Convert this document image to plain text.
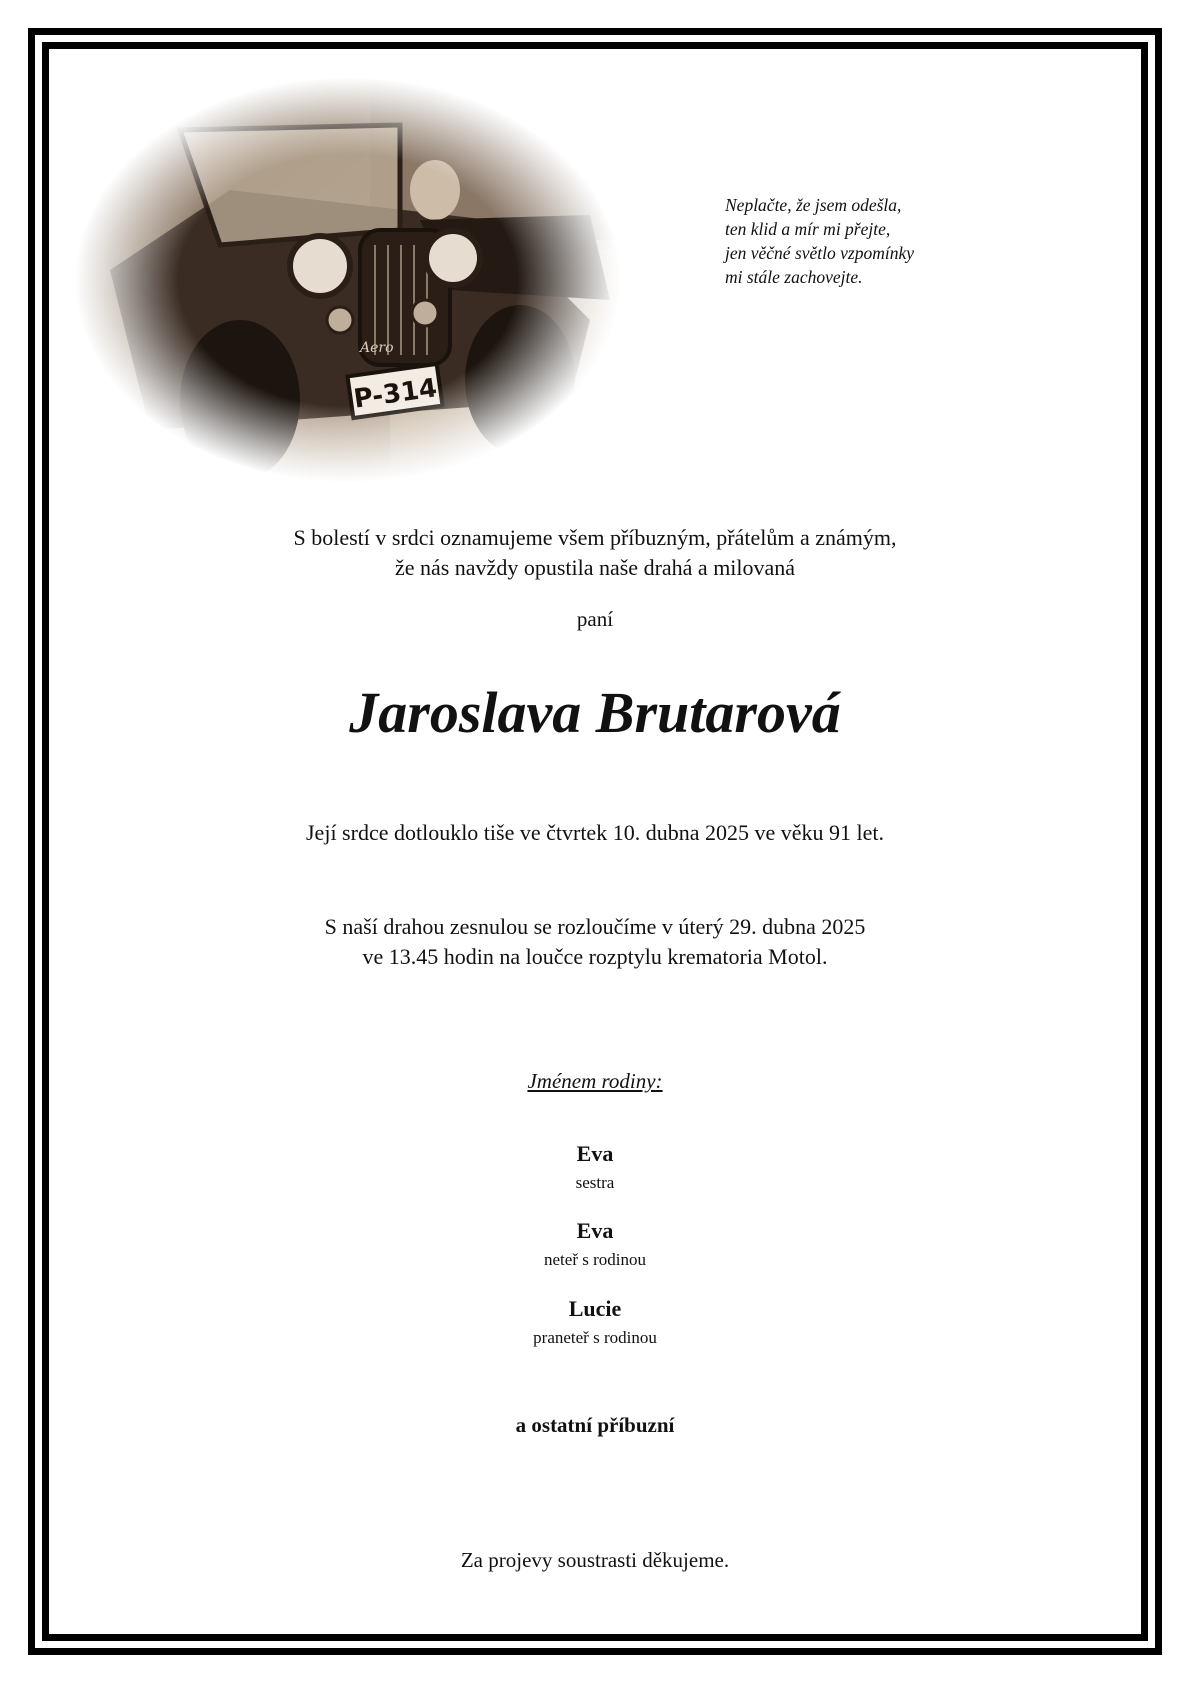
Neplačte, že jsem odešla,
ten klid a mír mi přejte,
jen věčné světlo vzpomínky
mi stále zachovejte.
S bolestí v srdci oznamujeme všem příbuzným, přátelům a známým,
že nás navždy opustila naše drahá a milovaná
paní
Jaroslava Brutarová
Její srdce dotlouklo tiše ve čtvrtek 10. dubna 2025 ve věku 91 let.
S naší drahou zesnulou se rozloučíme v úterý 29. dubna 2025
ve 13.45 hodin na loučce rozptylu krematoria Motol.
Jménem rodiny:
Eva
sestra
Eva
neteř s rodinou
Lucie
praneteř s rodinou
a ostatní příbuzní
Za projevy soustrasti děkujeme.
